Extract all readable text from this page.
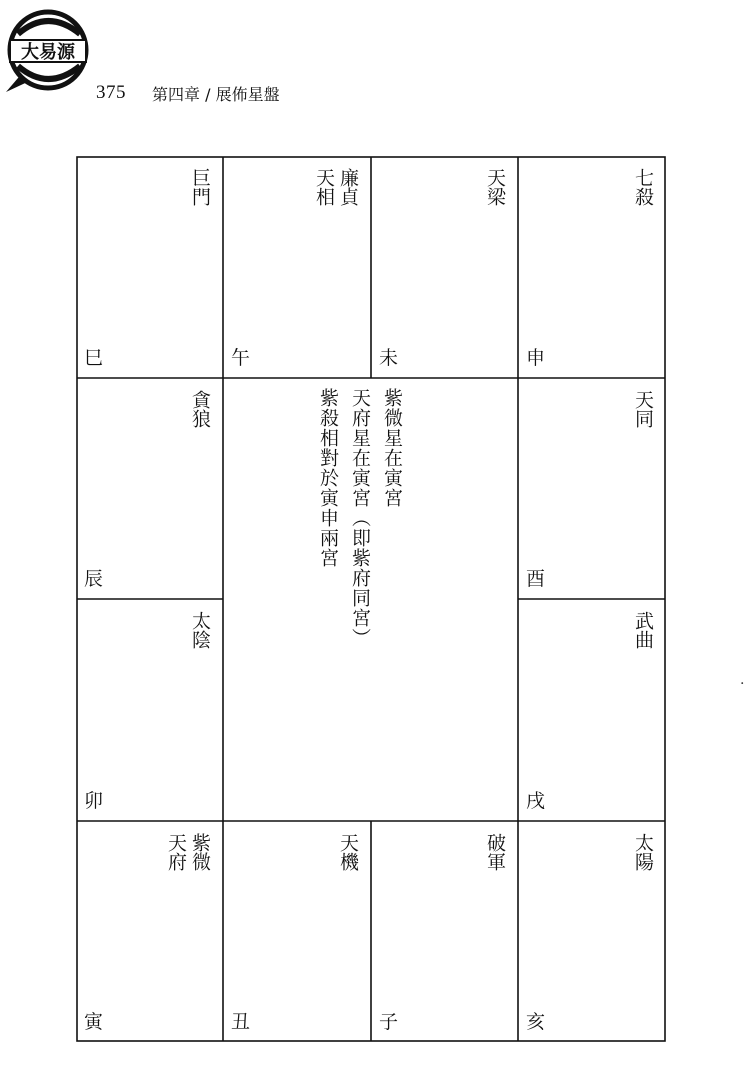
大易源
375 第四章 / 展佈星盤
巨門
巳
廉貞
天相
午
天梁
未
七殺
申
貪狼
辰
天同
酉
太陰
卯
武曲
戌
紫微星在寅宮
天府星在寅宮（即紫府同宮）
紫殺相對於寅申兩宮
紫微
天府
寅
天機
丑
破軍
子
太陽
亥
.
